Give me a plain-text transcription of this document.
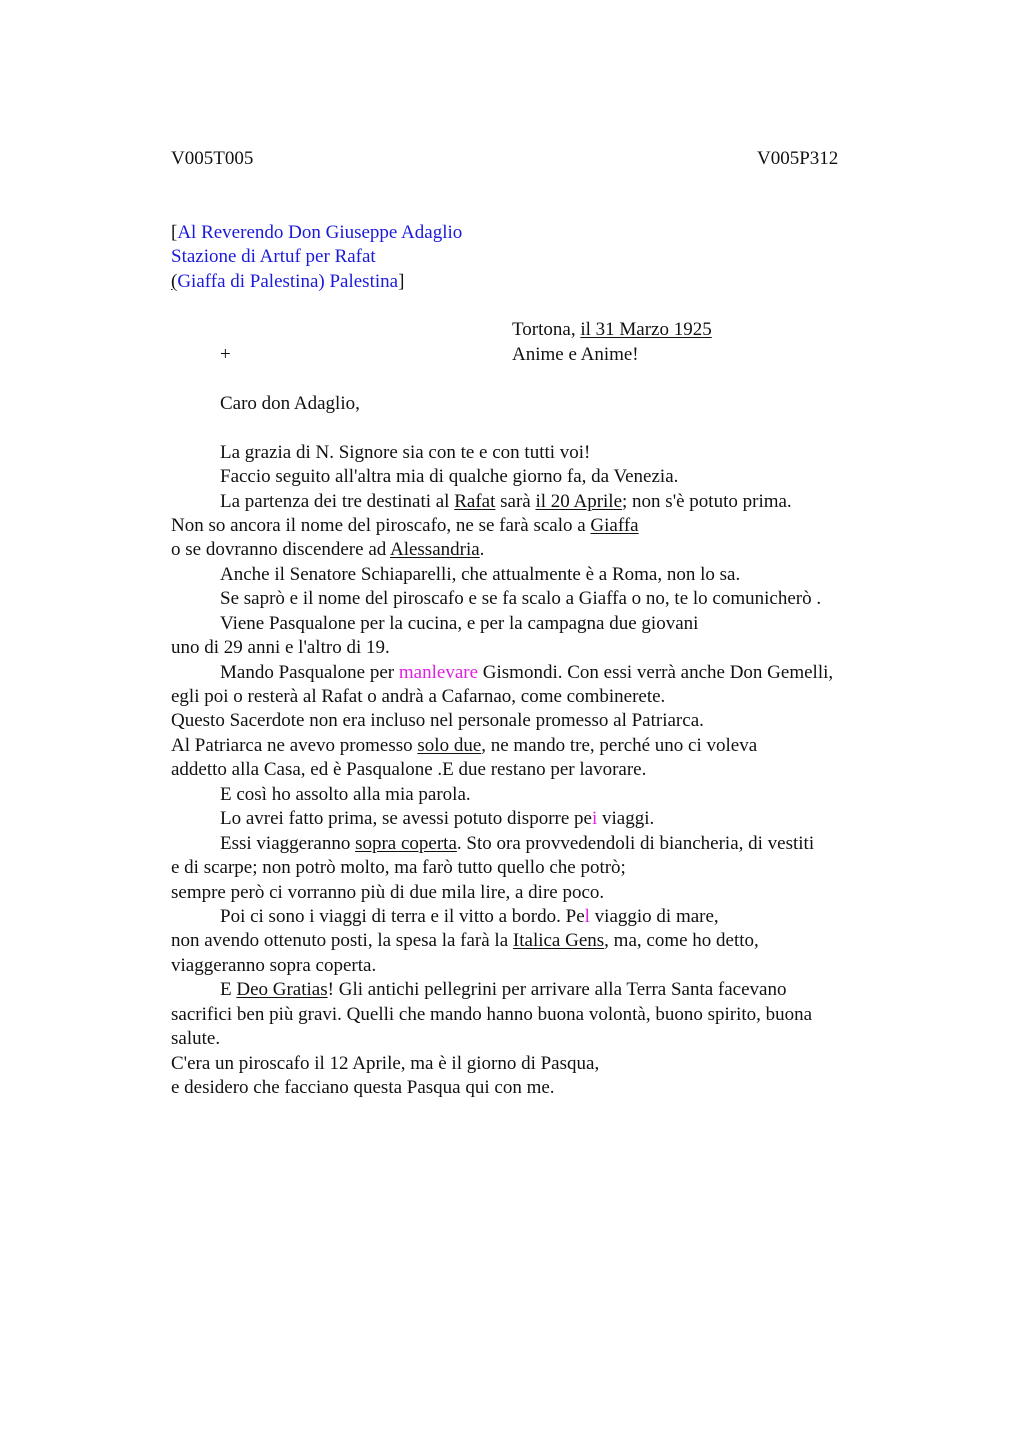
V005T005	V005P312
[Al Reverendo Don Giuseppe Adaglio
Stazione di Artuf per Rafat
(Giaffa di Palestina) Palestina]
Tortona, il 31 Marzo 1925
+	Anime e Anime!
Caro don Adaglio,
La grazia di N. Signore sia con te e con tutti voi!
Faccio seguito all'altra mia di qualche giorno fa, da Venezia.
La partenza dei tre destinati al Rafat sarà il 20 Aprile; non s'è potuto prima.
Non so ancora il nome del piroscafo, ne se farà scalo a Giaffa
o se dovranno discendere ad Alessandria.
Anche il Senatore Schiaparelli, che attualmente è a Roma, non lo sa.
Se saprò e il nome del piroscafo e se fa scalo a Giaffa o no, te lo comunicherò .
Viene Pasqualone per la cucina, e per la campagna due giovani
uno di 29 anni e l'altro di 19.
Mando Pasqualone per manlevare Gismondi. Con essi verrà anche Don Gemelli,
egli poi o resterà al Rafat o andrà a Cafarnao, come combinerete.
Questo Sacerdote non era incluso nel personale promesso al Patriarca.
Al Patriarca ne avevo promesso solo due, ne mando tre, perché uno ci voleva
addetto alla Casa, ed è Pasqualone .E due restano per lavorare.
E così ho assolto alla mia parola.
Lo avrei fatto prima, se avessi potuto disporre pei viaggi.
Essi viaggeranno sopra coperta. Sto ora provvedendoli di biancheria, di vestiti
e di scarpe; non potrò molto, ma farò tutto quello che potrò;
sempre però ci vorranno più di due mila lire, a dire poco.
Poi ci sono i viaggi di terra e il vitto a bordo. Pel viaggio di mare,
non avendo ottenuto posti, la spesa la farà la Italica Gens, ma, come ho detto,
viaggeranno sopra coperta.
E Deo Gratias! Gli antichi pellegrini per arrivare alla Terra Santa facevano
sacrifici ben più gravi. Quelli che mando hanno buona volontà, buono spirito, buona
salute.
C'era un piroscafo il 12 Aprile, ma è il giorno di Pasqua,
e desidero che facciano questa Pasqua qui con me.
